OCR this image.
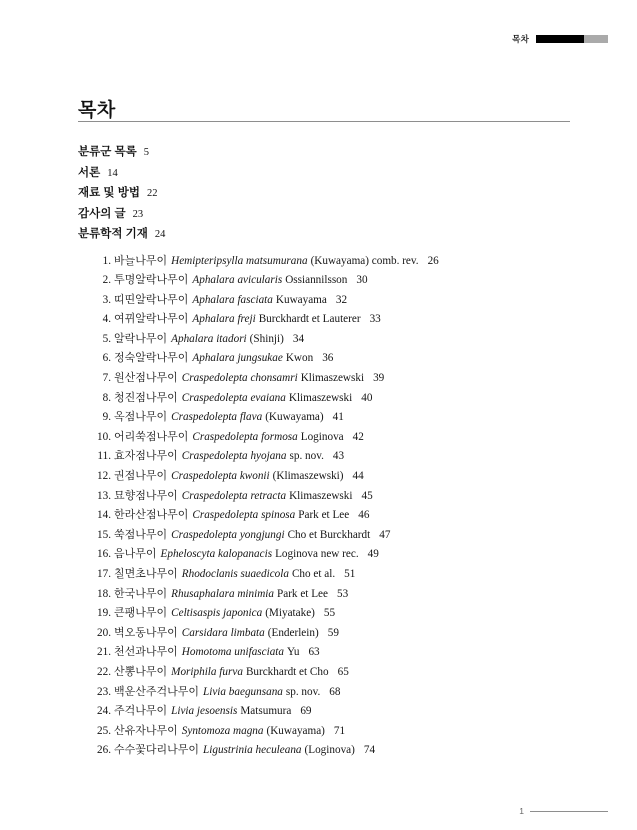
목차
목차
분류군 목록 5
서론 14
재료 및 방법 22
감사의 글 23
분류학적 기재 24
1. 바늘나무이 Hemipteripsylla matsumurana (Kuwayama) comb. rev. 26
2. 투명알락나무이 Aphalara avicularis Ossiannilsson 30
3. 띠띤알락나무이 Aphalara fasciata Kuwayama 32
4. 여뀌알락나무이 Aphalara freji Burckhardt et Lauterer 33
5. 알락나무이 Aphalara itadori (Shinji) 34
6. 정숙알락나무이 Aphalara jungsukae Kwon 36
7. 원산점나무이 Craspedolepta chonsamri Klimaszewski 39
8. 청진점나무이 Craspedolepta evaiana Klimaszewski 40
9. 옥점나무이 Craspedolepta flava (Kuwayama) 41
10. 어리쑥점나무이 Craspedolepta formosa Loginova 42
11. 효자점나무이 Craspedolepta hyojana sp. nov. 43
12. 권점나무이 Craspedolepta kwonii (Klimaszewski) 44
13. 묘향점나무이 Craspedolepta retracta Klimaszewski 45
14. 한라산점나무이 Craspedolepta spinosa Park et Lee 46
15. 쑥점나무이 Craspedolepta yongjungi Cho et Burckhardt 47
16. 음나무이 Epheloscyta kalopanacis Loginova new rec. 49
17. 칠면초나무이 Rhodoclanis suaedicola Cho et al. 51
18. 한국나무이 Rhusaphalara minimia Park et Lee 53
19. 큰팽나무이 Celtisaspis japonica (Miyatake) 55
20. 벽오동나무이 Carsidara limbata (Enderlein) 59
21. 천선과나무이 Homotoma unifasciata Yu 63
22. 산뽕나무이 Moriphila furva Burckhardt et Cho 65
23. 백운산주걱나무이 Livia baegunsana sp. nov. 68
24. 주걱나무이 Livia jesoensis Matsumura 69
25. 산유자나무이 Syntomoza magna (Kuwayama) 71
26. 수수꽃다리나무이 Ligustrinia heculeana (Loginova) 74
1
